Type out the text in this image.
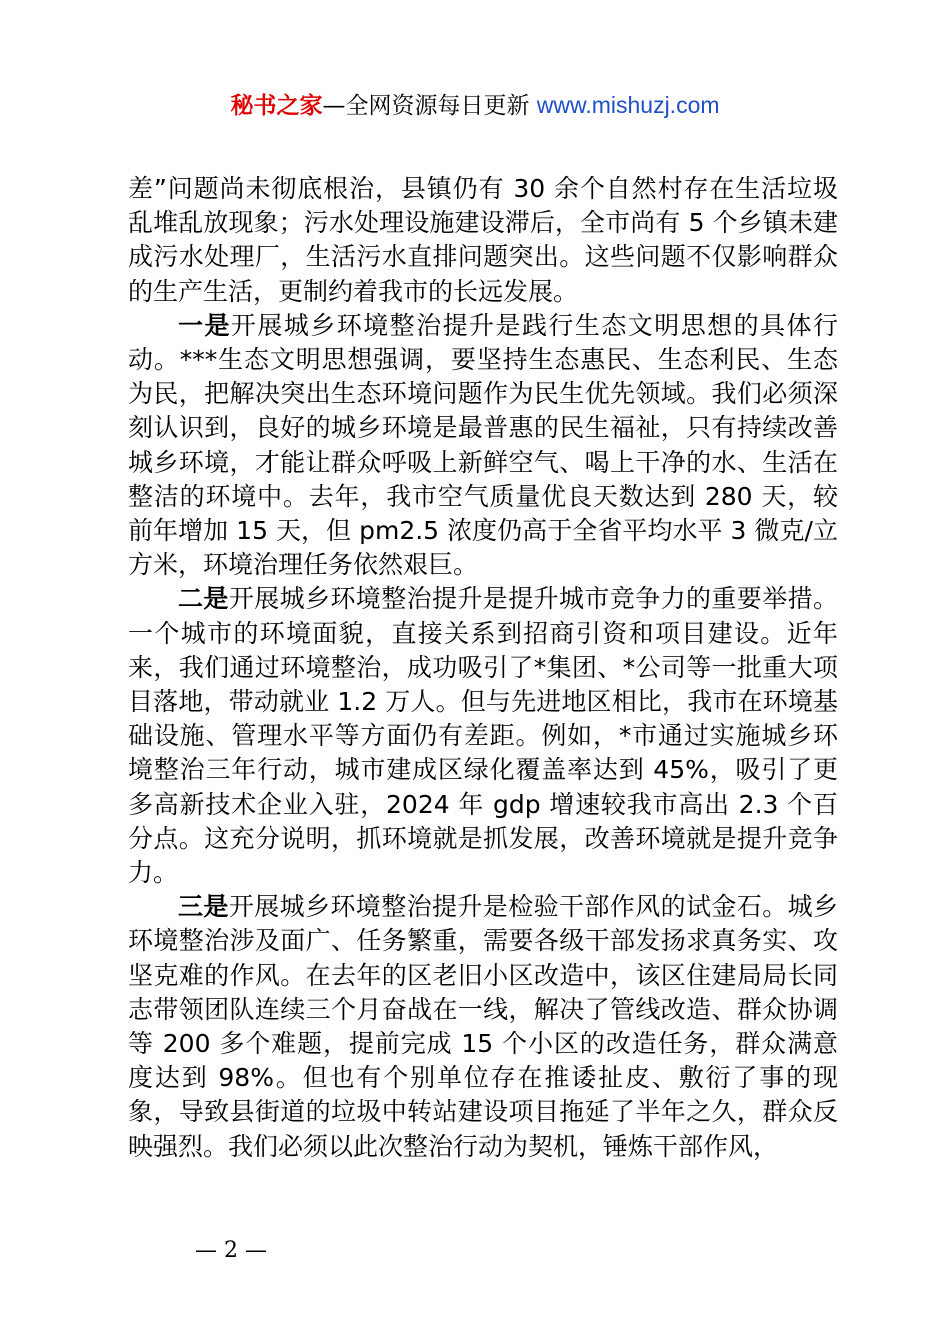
秘书之家—全网资源每日更新 www.mishuzj.com

差”问题尚未彻底根治，县镇仍有 30 余个自然村存在生活垃圾乱堆乱放现象；污水处理设施建设滞后，全市尚有 5 个乡镇未建成污水处理厂，生活污水直排问题突出。这些问题不仅影响群众的生产生活，更制约着我市的长远发展。

一是开展城乡环境整治提升是践行生态文明思想的具体行动。***生态文明思想强调，要坚持生态惠民、生态利民、生态为民，把解决突出生态环境问题作为民生优先领域。我们必须深刻认识到，良好的城乡环境是最普惠的民生福祉，只有持续改善城乡环境，才能让群众呼吸上新鲜空气、喝上干净的水、生活在整洁的环境中。去年，我市空气质量优良天数达到 280 天，较前年增加 15 天，但 pm2.5 浓度仍高于全省平均水平 3 微克/立方米，环境治理任务依然艰巨。

二是开展城乡环境整治提升是提升城市竞争力的重要举措。一个城市的环境面貌，直接关系到招商引资和项目建设。近年来，我们通过环境整治，成功吸引了*集团、*公司等一批重大项目落地，带动就业 1.2 万人。但与先进地区相比，我市在环境基础设施、管理水平等方面仍有差距。例如，*市通过实施城乡环境整治三年行动，城市建成区绿化覆盖率达到 45%，吸引了更多高新技术企业入驻，2024 年 gdp 增速较我市高出 2.3 个百分点。这充分说明，抓环境就是抓发展，改善环境就是提升竞争力。

三是开展城乡环境整治提升是检验干部作风的试金石。城乡环境整治涉及面广、任务繁重，需要各级干部发扬求真务实、攻坚克难的作风。在去年的区老旧小区改造中，该区住建局局长同志带领团队连续三个月奋战在一线，解决了管线改造、群众协调等 200 多个难题，提前完成 15 个小区的改造任务，群众满意度达到 98%。但也有个别单位存在推诿扯皮、敷衍了事的现象，导致县街道的垃圾中转站建设项目拖延了半年之久，群众反映强烈。我们必须以此次整治行动为契机，锤炼干部作风，

— 2 —
